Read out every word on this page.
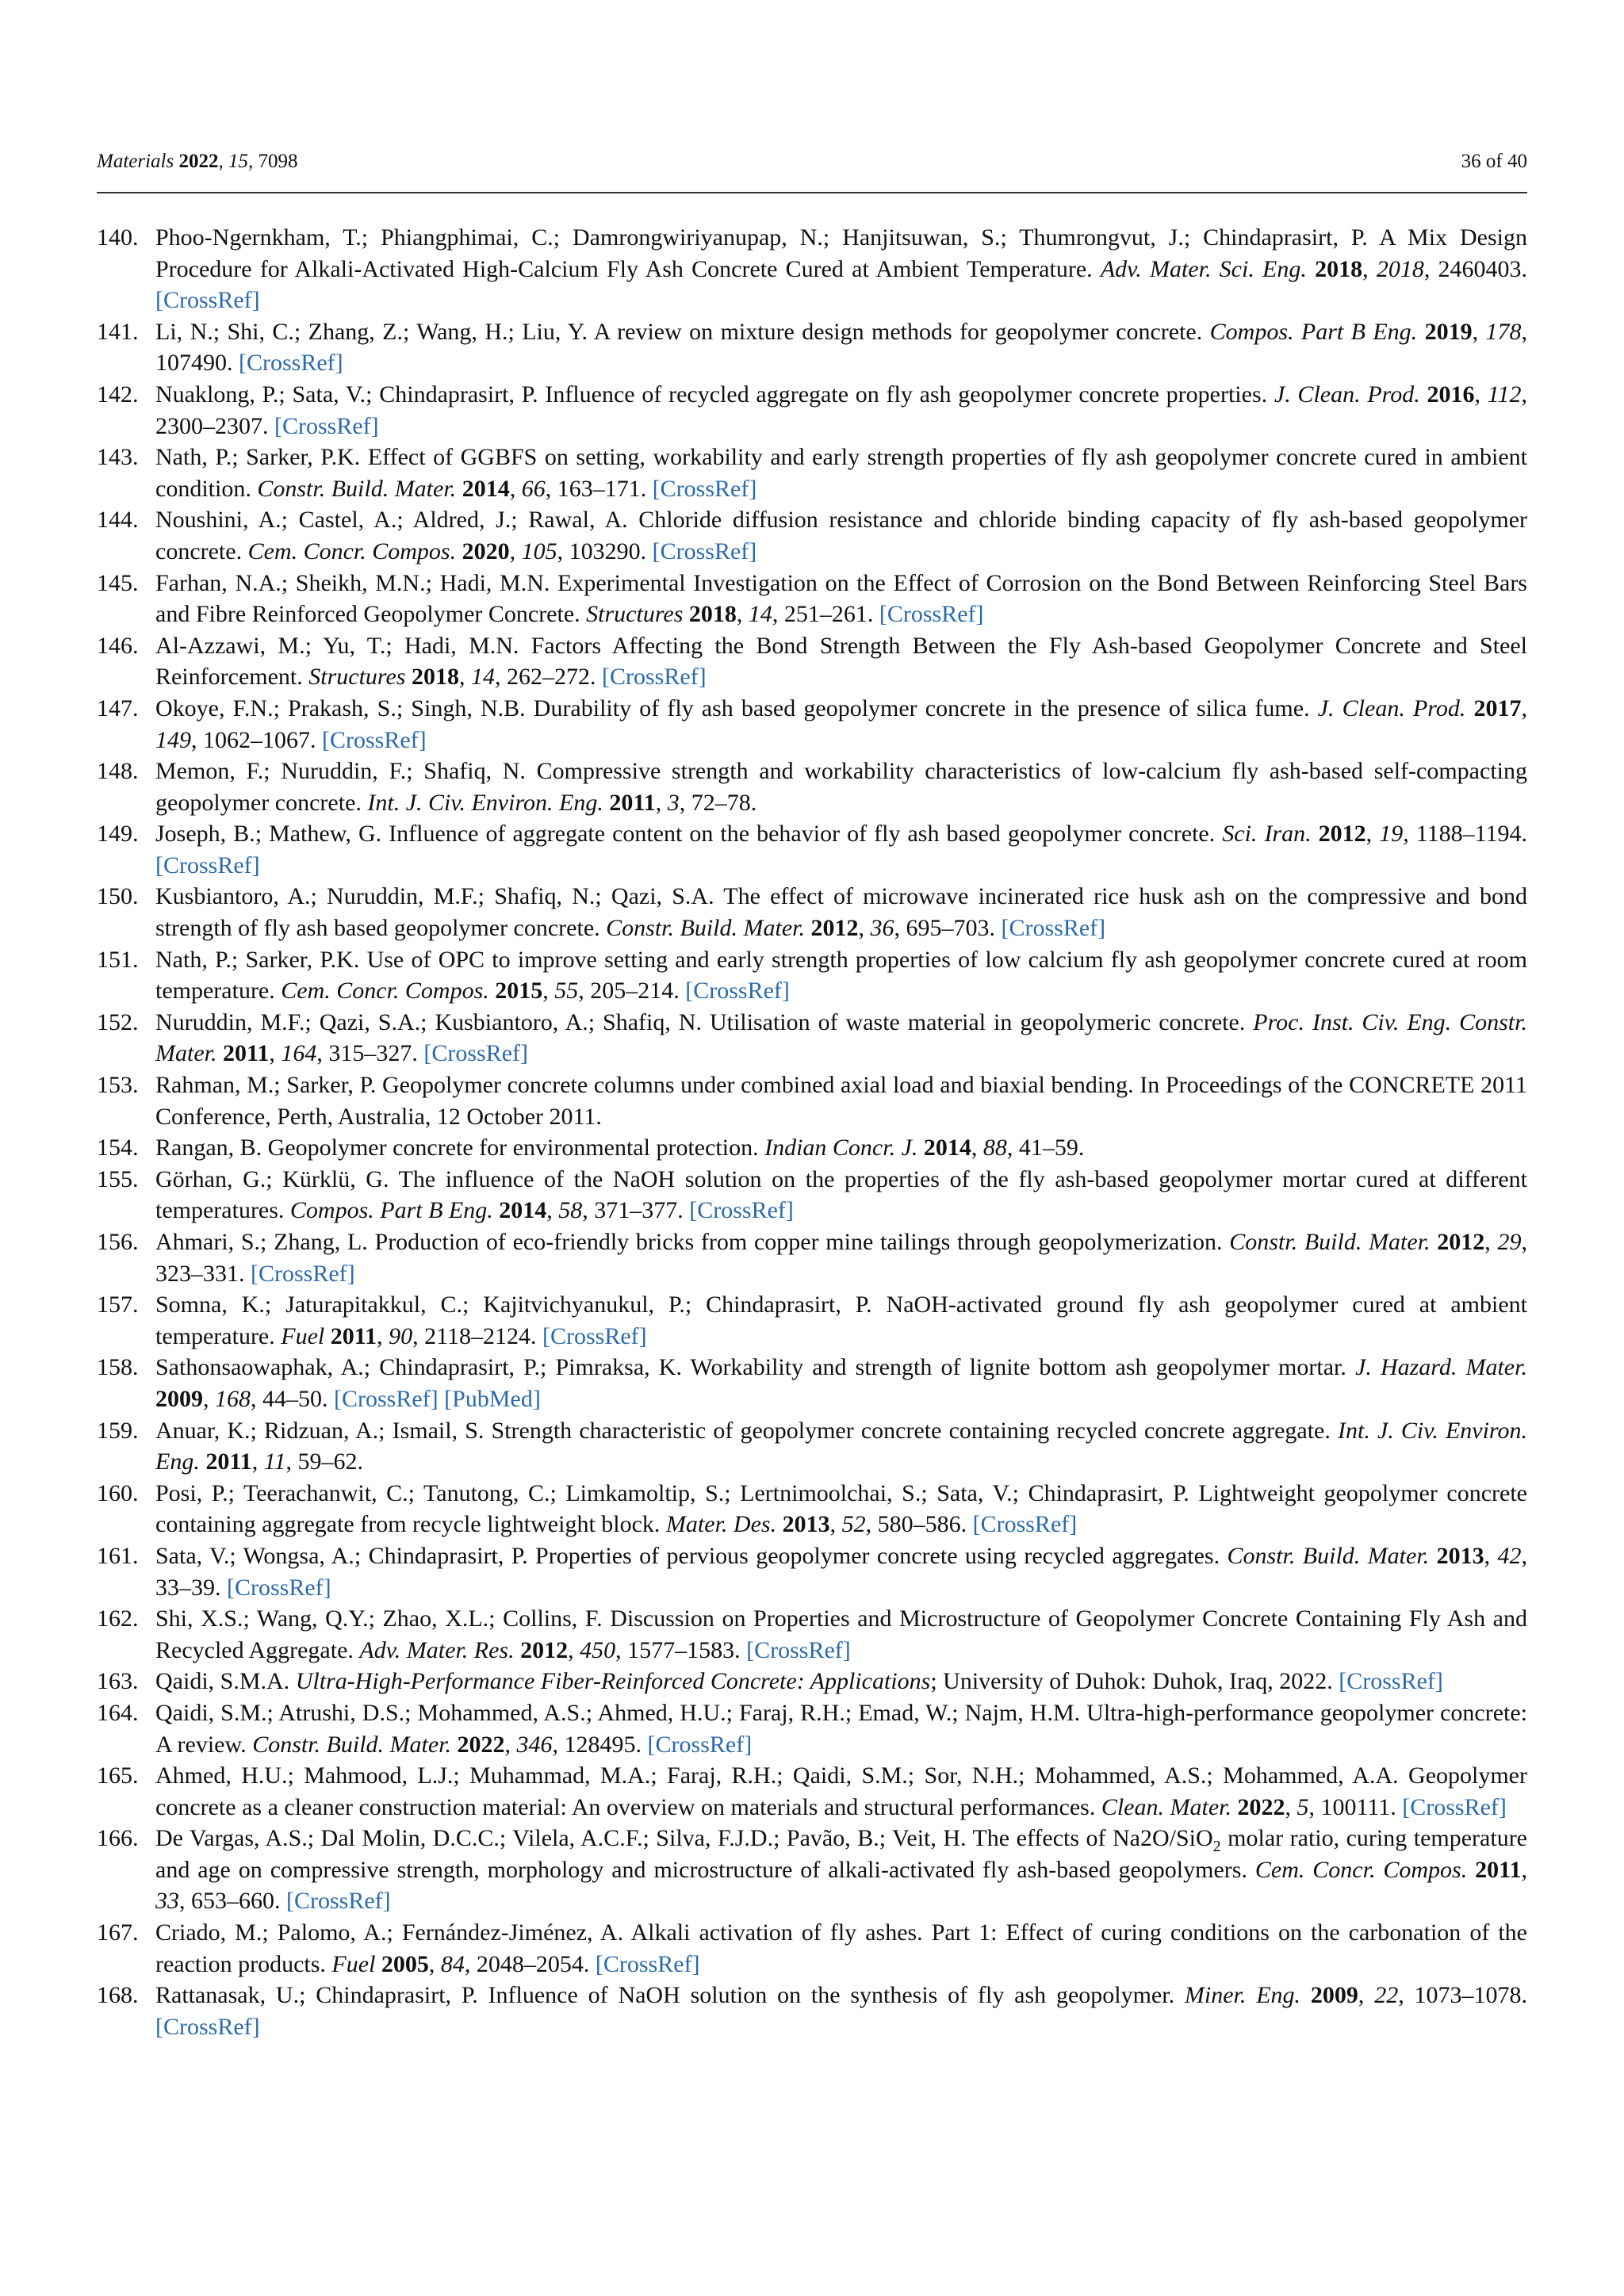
Materials 2022, 15, 7098	36 of 40
140. Phoo-Ngernkham, T.; Phiangphimai, C.; Damrongwiriyanupap, N.; Hanjitsuwan, S.; Thumrongvut, J.; Chindaprasirt, P. A Mix Design Procedure for Alkali-Activated High-Calcium Fly Ash Concrete Cured at Ambient Temperature. Adv. Mater. Sci. Eng. 2018, 2018, 2460403. [CrossRef]
141. Li, N.; Shi, C.; Zhang, Z.; Wang, H.; Liu, Y. A review on mixture design methods for geopolymer concrete. Compos. Part B Eng. 2019, 178, 107490. [CrossRef]
142. Nuaklong, P.; Sata, V.; Chindaprasirt, P. Influence of recycled aggregate on fly ash geopolymer concrete properties. J. Clean. Prod. 2016, 112, 2300–2307. [CrossRef]
143. Nath, P.; Sarker, P.K. Effect of GGBFS on setting, workability and early strength properties of fly ash geopolymer concrete cured in ambient condition. Constr. Build. Mater. 2014, 66, 163–171. [CrossRef]
144. Noushini, A.; Castel, A.; Aldred, J.; Rawal, A. Chloride diffusion resistance and chloride binding capacity of fly ash-based geopolymer concrete. Cem. Concr. Compos. 2020, 105, 103290. [CrossRef]
145. Farhan, N.A.; Sheikh, M.N.; Hadi, M.N. Experimental Investigation on the Effect of Corrosion on the Bond Between Reinforcing Steel Bars and Fibre Reinforced Geopolymer Concrete. Structures 2018, 14, 251–261. [CrossRef]
146. Al-Azzawi, M.; Yu, T.; Hadi, M.N. Factors Affecting the Bond Strength Between the Fly Ash-based Geopolymer Concrete and Steel Reinforcement. Structures 2018, 14, 262–272. [CrossRef]
147. Okoye, F.N.; Prakash, S.; Singh, N.B. Durability of fly ash based geopolymer concrete in the presence of silica fume. J. Clean. Prod. 2017, 149, 1062–1067. [CrossRef]
148. Memon, F.; Nuruddin, F.; Shafiq, N. Compressive strength and workability characteristics of low-calcium fly ash-based self-compacting geopolymer concrete. Int. J. Civ. Environ. Eng. 2011, 3, 72–78.
149. Joseph, B.; Mathew, G. Influence of aggregate content on the behavior of fly ash based geopolymer concrete. Sci. Iran. 2012, 19, 1188–1194. [CrossRef]
150. Kusbiantoro, A.; Nuruddin, M.F.; Shafiq, N.; Qazi, S.A. The effect of microwave incinerated rice husk ash on the compressive and bond strength of fly ash based geopolymer concrete. Constr. Build. Mater. 2012, 36, 695–703. [CrossRef]
151. Nath, P.; Sarker, P.K. Use of OPC to improve setting and early strength properties of low calcium fly ash geopolymer concrete cured at room temperature. Cem. Concr. Compos. 2015, 55, 205–214. [CrossRef]
152. Nuruddin, M.F.; Qazi, S.A.; Kusbiantoro, A.; Shafiq, N. Utilisation of waste material in geopolymeric concrete. Proc. Inst. Civ. Eng. Constr. Mater. 2011, 164, 315–327. [CrossRef]
153. Rahman, M.; Sarker, P. Geopolymer concrete columns under combined axial load and biaxial bending. In Proceedings of the CONCRETE 2011 Conference, Perth, Australia, 12 October 2011.
154. Rangan, B. Geopolymer concrete for environmental protection. Indian Concr. J. 2014, 88, 41–59.
155. Görhan, G.; Kürklü, G. The influence of the NaOH solution on the properties of the fly ash-based geopolymer mortar cured at different temperatures. Compos. Part B Eng. 2014, 58, 371–377. [CrossRef]
156. Ahmari, S.; Zhang, L. Production of eco-friendly bricks from copper mine tailings through geopolymerization. Constr. Build. Mater. 2012, 29, 323–331. [CrossRef]
157. Somna, K.; Jaturapitakkul, C.; Kajitvichyanukul, P.; Chindaprasirt, P. NaOH-activated ground fly ash geopolymer cured at ambient temperature. Fuel 2011, 90, 2118–2124. [CrossRef]
158. Sathonsaowaphak, A.; Chindaprasirt, P.; Pimraksa, K. Workability and strength of lignite bottom ash geopolymer mortar. J. Hazard. Mater. 2009, 168, 44–50. [CrossRef] [PubMed]
159. Anuar, K.; Ridzuan, A.; Ismail, S. Strength characteristic of geopolymer concrete containing recycled concrete aggregate. Int. J. Civ. Environ. Eng. 2011, 11, 59–62.
160. Posi, P.; Teerachanwit, C.; Tanutong, C.; Limkamoltip, S.; Lertnimoolchai, S.; Sata, V.; Chindaprasirt, P. Lightweight geopolymer concrete containing aggregate from recycle lightweight block. Mater. Des. 2013, 52, 580–586. [CrossRef]
161. Sata, V.; Wongsa, A.; Chindaprasirt, P. Properties of pervious geopolymer concrete using recycled aggregates. Constr. Build. Mater. 2013, 42, 33–39. [CrossRef]
162. Shi, X.S.; Wang, Q.Y.; Zhao, X.L.; Collins, F. Discussion on Properties and Microstructure of Geopolymer Concrete Containing Fly Ash and Recycled Aggregate. Adv. Mater. Res. 2012, 450, 1577–1583. [CrossRef]
163. Qaidi, S.M.A. Ultra-High-Performance Fiber-Reinforced Concrete: Applications; University of Duhok: Duhok, Iraq, 2022. [CrossRef]
164. Qaidi, S.M.; Atrushi, D.S.; Mohammed, A.S.; Ahmed, H.U.; Faraj, R.H.; Emad, W.; Najm, H.M. Ultra-high-performance geopolymer concrete: A review. Constr. Build. Mater. 2022, 346, 128495. [CrossRef]
165. Ahmed, H.U.; Mahmood, L.J.; Muhammad, M.A.; Faraj, R.H.; Qaidi, S.M.; Sor, N.H.; Mohammed, A.S.; Mohammed, A.A. Geopolymer concrete as a cleaner construction material: An overview on materials and structural performances. Clean. Mater. 2022, 5, 100111. [CrossRef]
166. De Vargas, A.S.; Dal Molin, D.C.C.; Vilela, A.C.F.; Silva, F.J.D.; Pavão, B.; Veit, H. The effects of Na2O/SiO$_2$ molar ratio, curing temperature and age on compressive strength, morphology and microstructure of alkali-activated fly ash-based geopolymers. Cem. Concr. Compos. 2011, 33, 653–660. [CrossRef]
167. Criado, M.; Palomo, A.; Fernández-Jiménez, A. Alkali activation of fly ashes. Part 1: Effect of curing conditions on the carbonation of the reaction products. Fuel 2005, 84, 2048–2054. [CrossRef]
168. Rattanasak, U.; Chindaprasirt, P. Influence of NaOH solution on the synthesis of fly ash geopolymer. Miner. Eng. 2009, 22, 1073–1078. [CrossRef]
